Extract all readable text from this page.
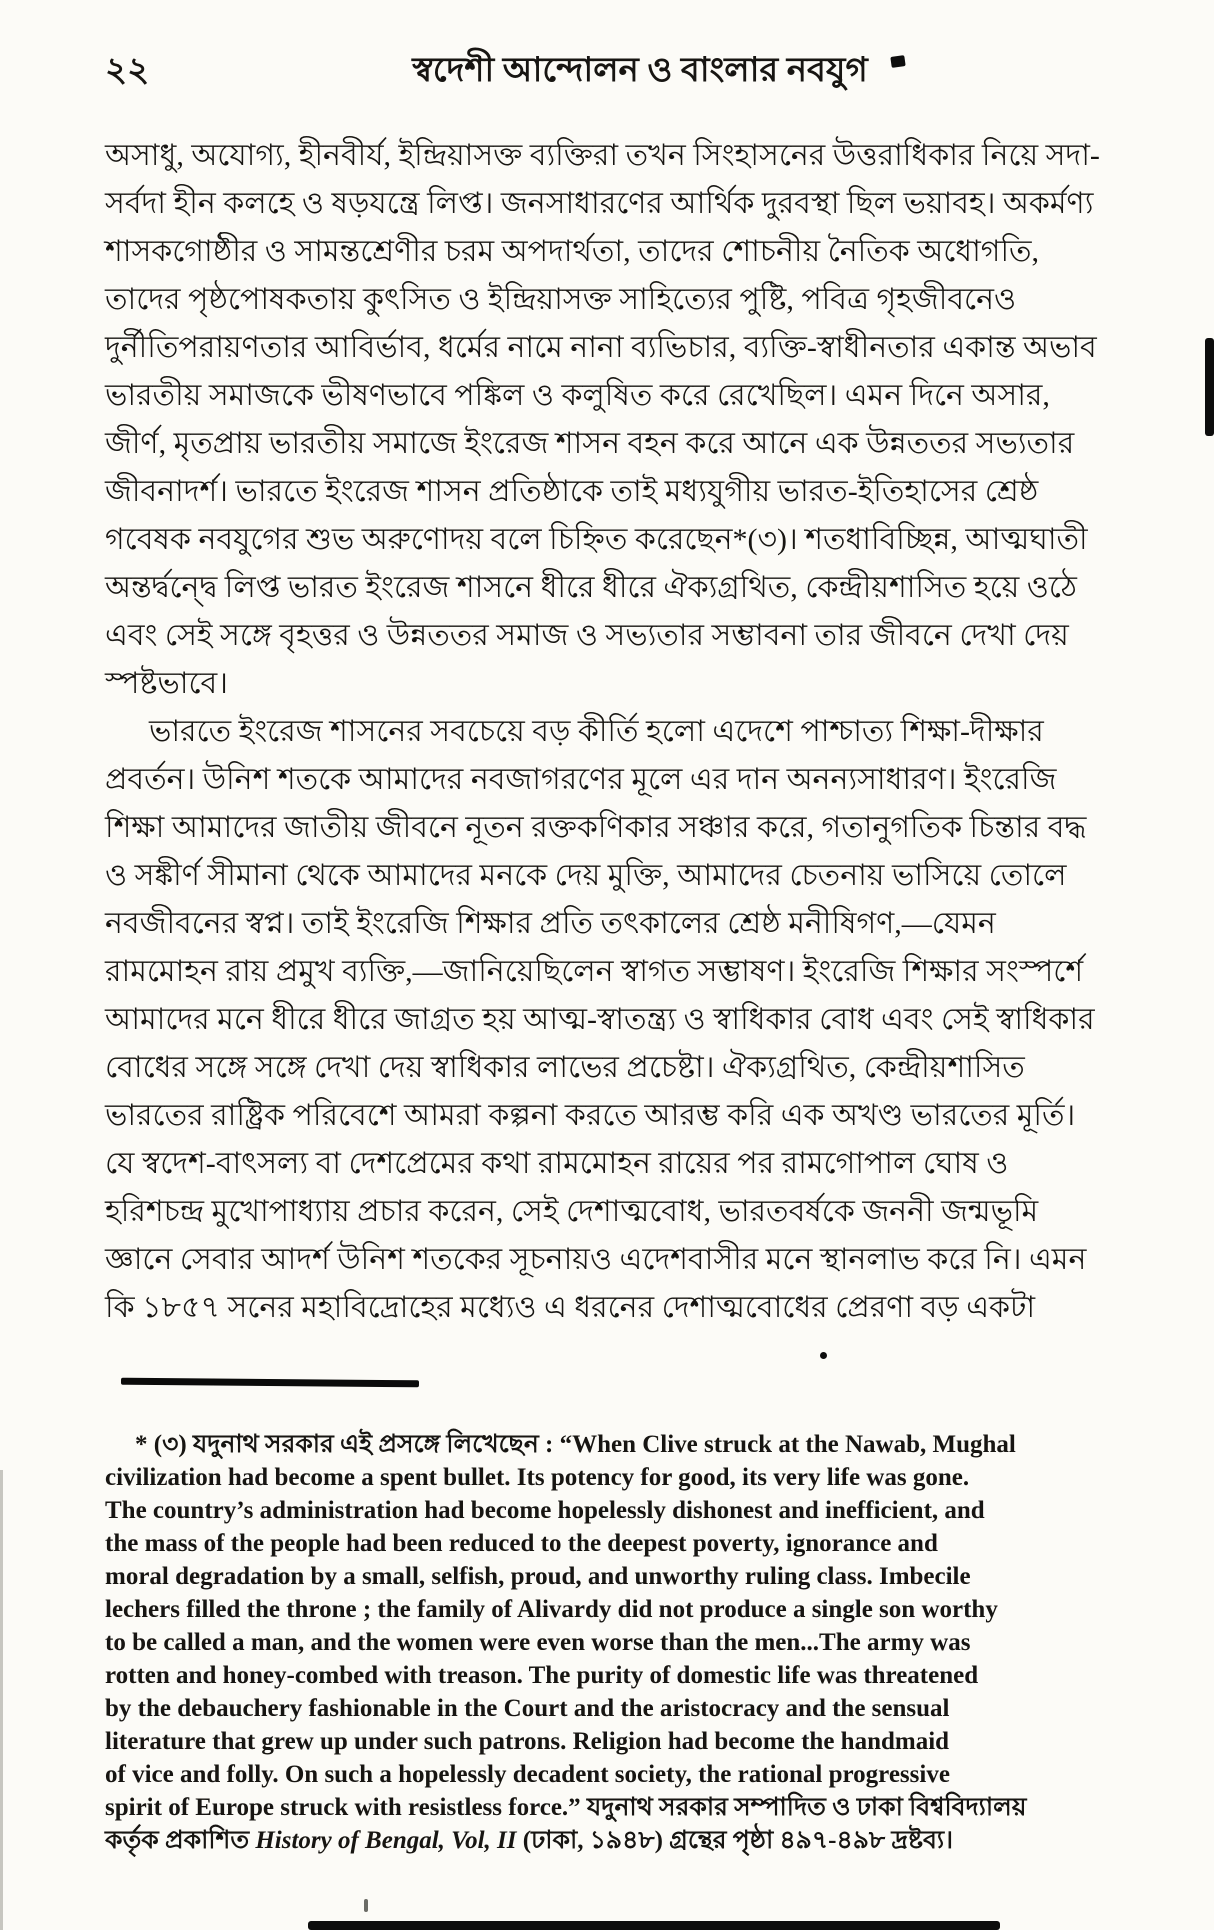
২২	স্বদেশী আন্দোলন ও বাংলার নবযুগ
অসাধু, অযোগ্য, হীনবীর্য, ইন্দ্রিয়াসক্ত ব্যক্তিরা তখন সিংহাসনের উত্তরাধিকার নিয়ে সদা-
সর্বদা হীন কলহে ও ষড়যন্ত্রে লিপ্ত। জনসাধারণের আর্থিক দুরবস্থা ছিল ভয়াবহ। অকর্মণ্য
শাসকগোষ্ঠীর ও সামন্তশ্রেণীর চরম অপদার্থতা, তাদের শোচনীয় নৈতিক অধোগতি,
তাদের পৃষ্ঠপোষকতায় কুৎসিত ও ইন্দ্রিয়াসক্ত সাহিত্যের পুষ্টি, পবিত্র গৃহজীবনেও
দুর্নীতিপরায়ণতার আবির্ভাব, ধর্মের নামে নানা ব্যভিচার, ব্যক্তি-স্বাধীনতার একান্ত অভাব
ভারতীয় সমাজকে ভীষণভাবে পঙ্কিল ও কলুষিত করে রেখেছিল। এমন দিনে অসার,
জীর্ণ, মৃতপ্রায় ভারতীয় সমাজে ইংরেজ শাসন বহন করে আনে এক উন্নততর সভ্যতার
জীবনাদর্শ। ভারতে ইংরেজ শাসন প্রতিষ্ঠাকে তাই মধ্যযুগীয় ভারত-ইতিহাসের শ্রেষ্ঠ
গবেষক নবযুগের শুভ অরুণোদয় বলে চিহ্নিত করেছেন*(৩)। শতধাবিচ্ছিন্ন, আত্মঘাতী
অন্তর্দ্বন্দ্বে লিপ্ত ভারত ইংরেজ শাসনে ধীরে ধীরে ঐক্যগ্রথিত, কেন্দ্রীয়শাসিত হয়ে ওঠে
এবং সেই সঙ্গে বৃহত্তর ও উন্নততর সমাজ ও সভ্যতার সম্ভাবনা তার জীবনে দেখা দেয়
স্পষ্টভাবে।
ভারতে ইংরেজ শাসনের সবচেয়ে বড় কীর্তি হলো এদেশে পাশ্চাত্য শিক্ষা-দীক্ষার
প্রবর্তন। উনিশ শতকে আমাদের নবজাগরণের মূলে এর দান অনন্যসাধারণ। ইংরেজি
শিক্ষা আমাদের জাতীয় জীবনে নূতন রক্তকণিকার সঞ্চার করে, গতানুগতিক চিন্তার বদ্ধ
ও সঙ্কীর্ণ সীমানা থেকে আমাদের মনকে দেয় মুক্তি, আমাদের চেতনায় ভাসিয়ে তোলে
নবজীবনের স্বপ্ন। তাই ইংরেজি শিক্ষার প্রতি তৎকালের শ্রেষ্ঠ মনীষিগণ,—যেমন
রামমোহন রায় প্রমুখ ব্যক্তি,—জানিয়েছিলেন স্বাগত সম্ভাষণ। ইংরেজি শিক্ষার সংস্পর্শে
আমাদের মনে ধীরে ধীরে জাগ্রত হয় আত্ম-স্বাতন্ত্র্য ও স্বাধিকার বোধ এবং সেই স্বাধিকার
বোধের সঙ্গে সঙ্গে দেখা দেয় স্বাধিকার লাভের প্রচেষ্টা। ঐক্যগ্রথিত, কেন্দ্রীয়শাসিত
ভারতের রাষ্ট্রিক পরিবেশে আমরা কল্পনা করতে আরম্ভ করি এক অখণ্ড ভারতের মূর্তি।
যে স্বদেশ-বাৎসল্য বা দেশপ্রেমের কথা রামমোহন রায়ের পর রামগোপাল ঘোষ ও
হরিশচন্দ্র মুখোপাধ্যায় প্রচার করেন, সেই দেশাত্মবোধ, ভারতবর্ষকে জননী জন্মভূমি
জ্ঞানে সেবার আদর্শ উনিশ শতকের সূচনায়ও এদেশবাসীর মনে স্থানলাভ করে নি। এমন
কি ১৮৫৭ সনের মহাবিদ্রোহের মধ্যেও এ ধরনের দেশাত্মবোধের প্রেরণা বড় একটা
* (৩) যদুনাথ সরকার এই প্রসঙ্গে লিখেছেন : “When Clive struck at the Nawab, Mughal
civilization had become a spent bullet. Its potency for good, its very life was gone.
The country’s administration had become hopelessly dishonest and inefficient, and
the mass of the people had been reduced to the deepest poverty, ignorance and
moral degradation by a small, selfish, proud, and unworthy ruling class. Imbecile
lechers filled the throne ; the family of Alivardy did not produce a single son worthy
to be called a man, and the women were even worse than the men...The army was
rotten and honey-combed with treason. The purity of domestic life was threatened
by the debauchery fashionable in the Court and the aristocracy and the sensual
literature that grew up under such patrons. Religion had become the handmaid
of vice and folly. On such a hopelessly decadent society, the rational progressive
spirit of Europe struck with resistless force.” যদুনাথ সরকার সম্পাদিত ও ঢাকা বিশ্ববিদ্যালয়
কর্তৃক প্রকাশিত History of Bengal, Vol, II (ঢাকা, ১৯৪৮) গ্রন্থের পৃষ্ঠা ৪৯৭-৪৯৮ দ্রষ্টব্য।
